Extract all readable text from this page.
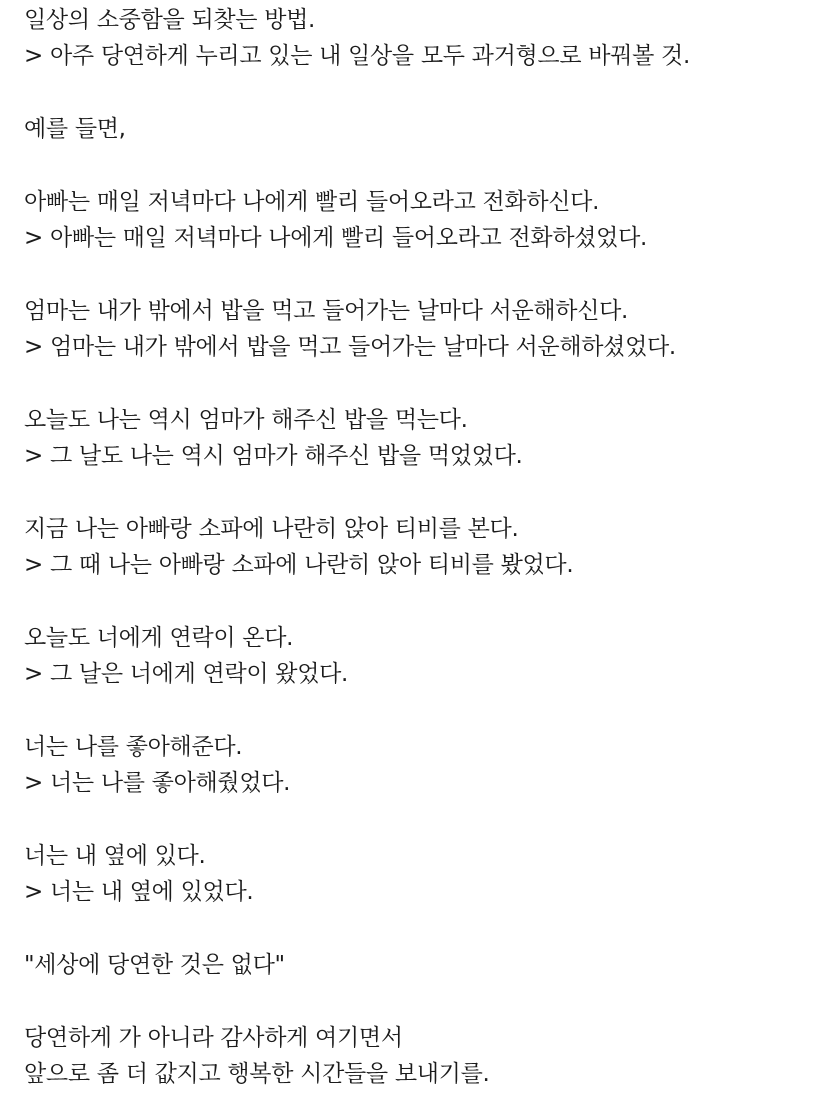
일상의 소중함을 되찾는 방법.
> 아주 당연하게 누리고 있는 내 일상을 모두 과거형으로 바꿔볼 것.
예를 들면,
아빠는 매일 저녁마다 나에게 빨리 들어오라고 전화하신다.
> 아빠는 매일 저녁마다 나에게 빨리 들어오라고 전화하셨었다.
엄마는 내가 밖에서 밥을 먹고 들어가는 날마다 서운해하신다.
> 엄마는 내가 밖에서 밥을 먹고 들어가는 날마다 서운해하셨었다.
오늘도 나는 역시 엄마가 해주신 밥을 먹는다.
> 그 날도 나는 역시 엄마가 해주신 밥을 먹었었다.
지금 나는 아빠랑 소파에 나란히 앉아 티비를 본다.
> 그 때 나는 아빠랑 소파에 나란히 앉아 티비를 봤었다.
오늘도 너에게 연락이 온다.
> 그 날은 너에게 연락이 왔었다.
너는 나를 좋아해준다.
> 너는 나를 좋아해줬었다.
너는 내 옆에 있다.
> 너는 내 옆에 있었다.
"세상에 당연한 것은 없다"
당연하게 가 아니라 감사하게 여기면서
앞으로 좀 더 값지고 행복한 시간들을 보내기를.
